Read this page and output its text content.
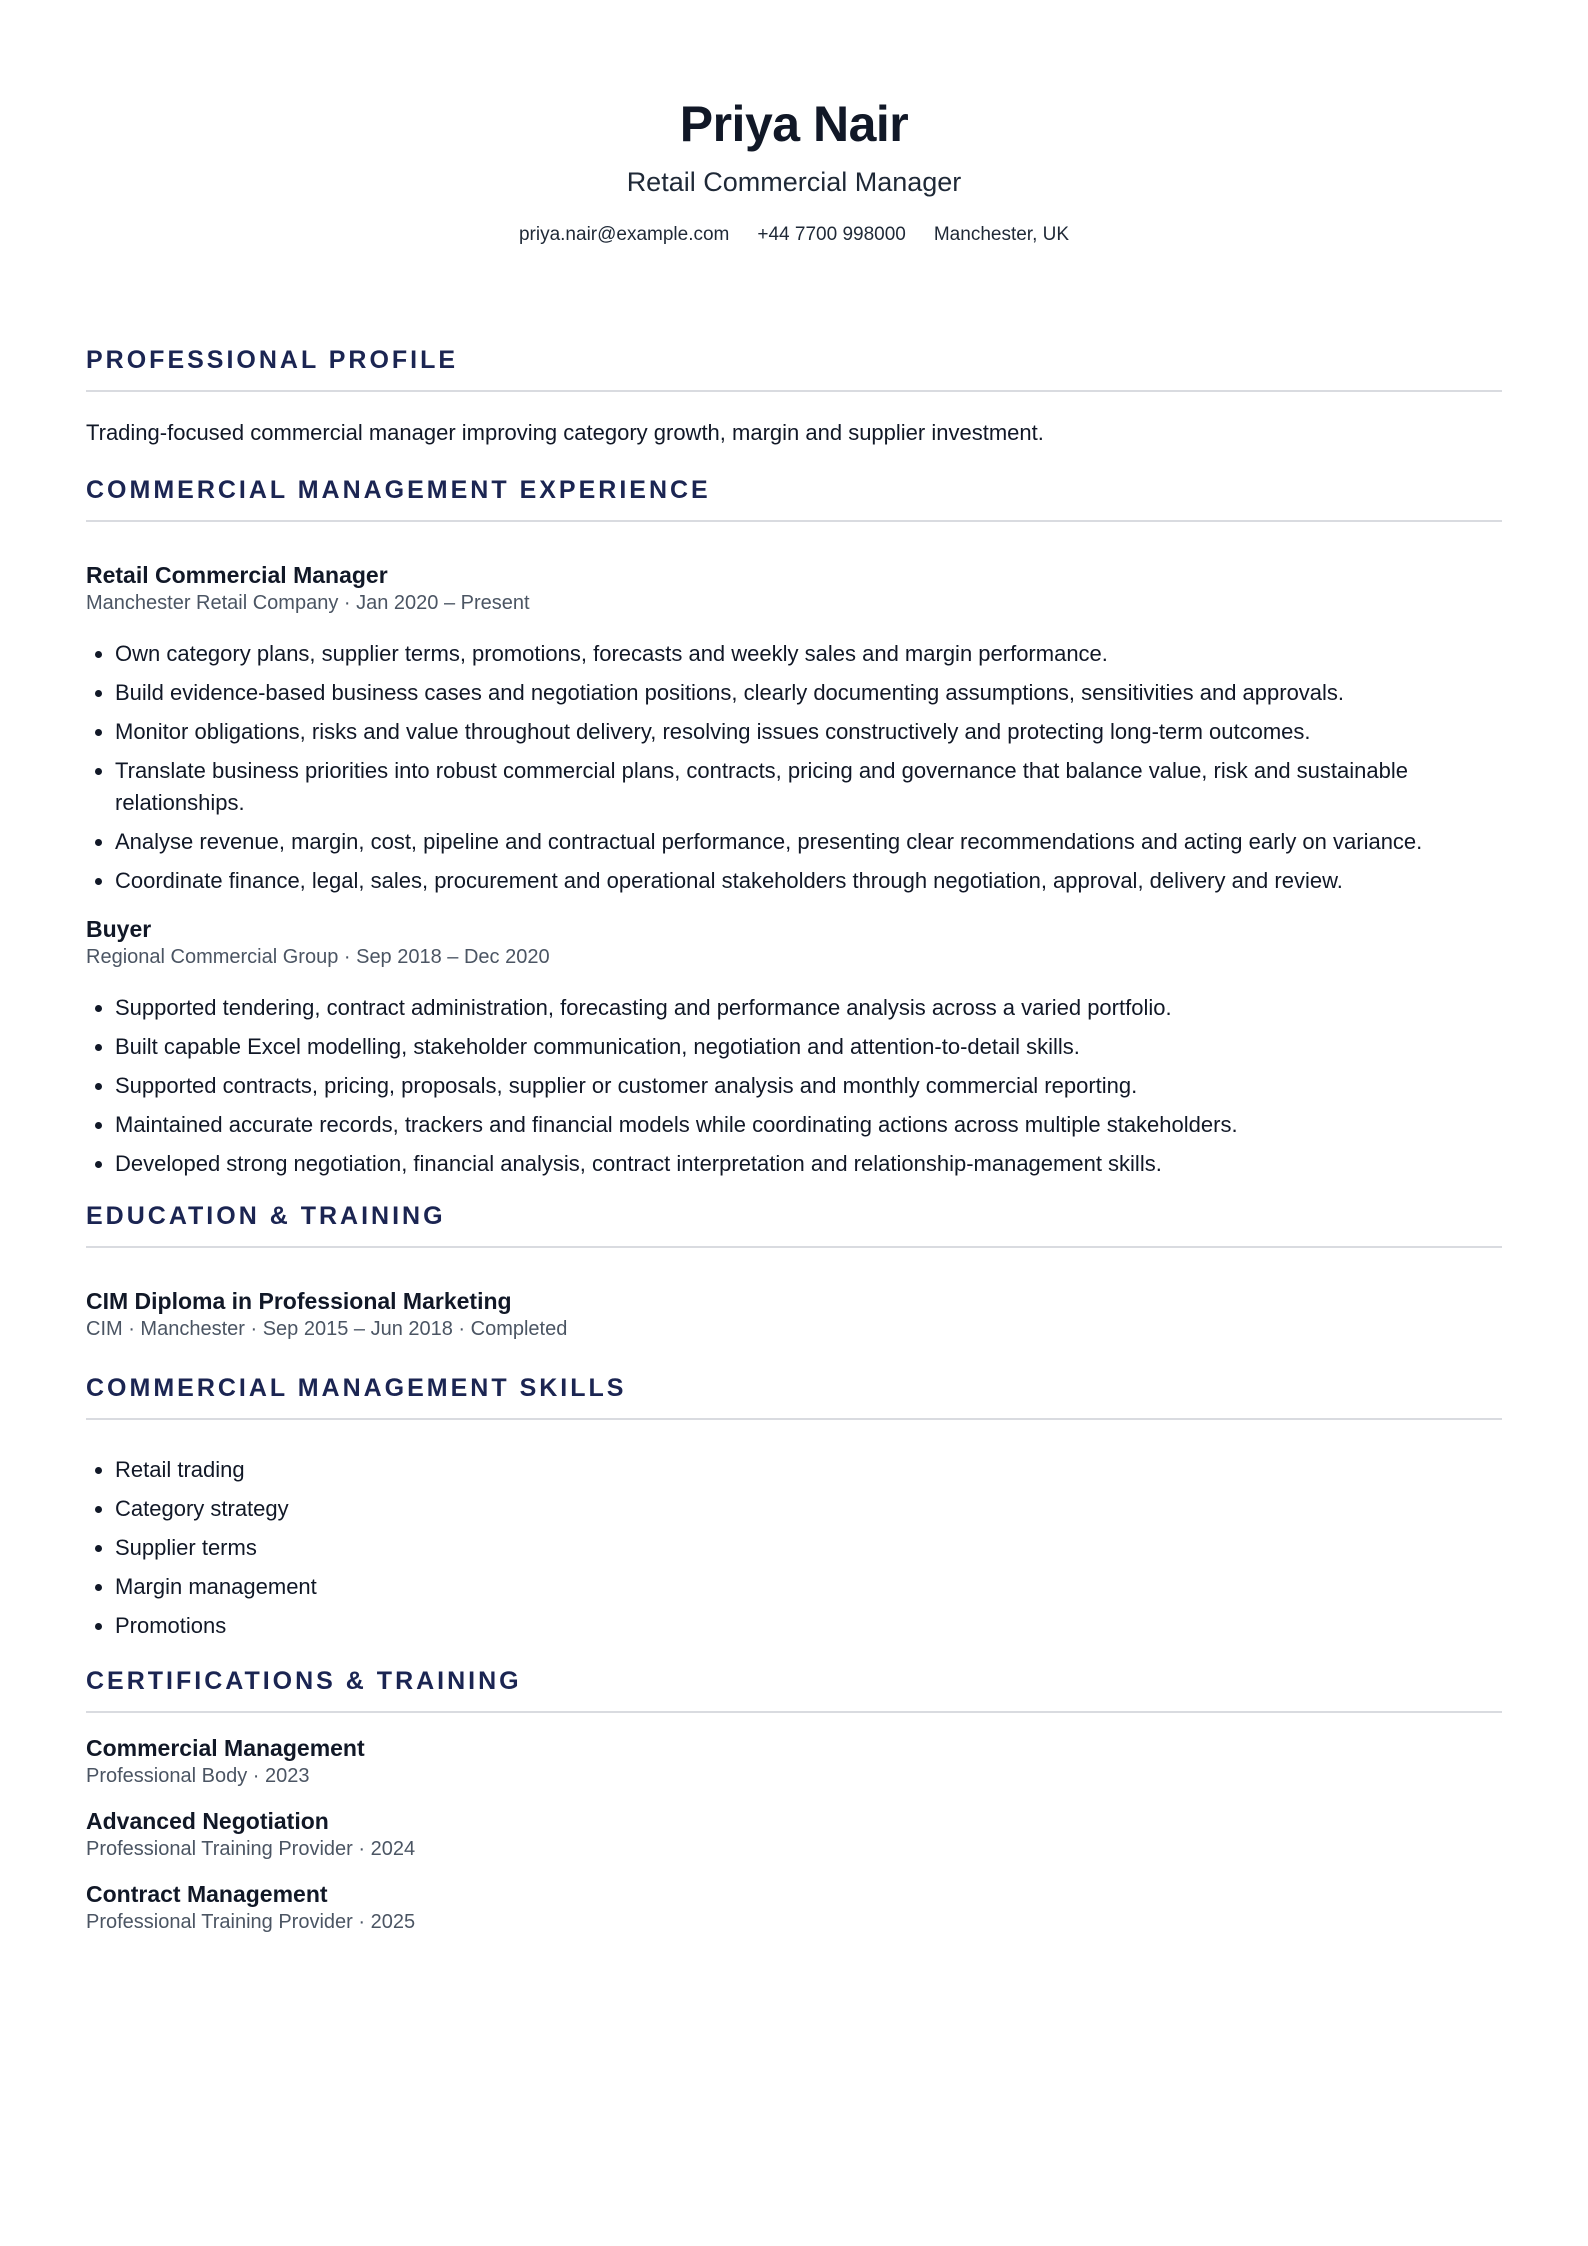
Priya Nair
Retail Commercial Manager
priya.nair@example.com +44 7700 998000 Manchester, UK
PROFESSIONAL PROFILE

Trading-focused commercial manager improving category growth, margin and supplier investment.

COMMERCIAL MANAGEMENT EXPERIENCE
Retail Commercial Manager
Manchester Retail Company · Jan 2020 – Present
• Own category plans, supplier terms, promotions, forecasts and weekly sales and margin performance.
• Build evidence-based business cases and negotiation positions, clearly documenting assumptions, sensitivities and approvals.
• Monitor obligations, risks and value throughout delivery, resolving issues constructively and protecting long-term outcomes.
• Translate business priorities into robust commercial plans, contracts, pricing and governance that balance value, risk and sustainable relationships.
• Analyse revenue, margin, cost, pipeline and contractual performance, presenting clear recommendations and acting early on variance.
• Coordinate finance, legal, sales, procurement and operational stakeholders through negotiation, approval, delivery and review.
Buyer
Regional Commercial Group · Sep 2018 – Dec 2020
• Supported tendering, contract administration, forecasting and performance analysis across a varied portfolio.
• Built capable Excel modelling, stakeholder communication, negotiation and attention-to-detail skills.
• Supported contracts, pricing, proposals, supplier or customer analysis and monthly commercial reporting.
• Maintained accurate records, trackers and financial models while coordinating actions across multiple stakeholders.
• Developed strong negotiation, financial analysis, contract interpretation and relationship-management skills.
EDUCATION & TRAINING
CIM Diploma in Professional Marketing
CIM · Manchester · Sep 2015 – Jun 2018 · Completed
COMMERCIAL MANAGEMENT SKILLS
• Retail trading
• Category strategy
• Supplier terms
• Margin management
• Promotions
CERTIFICATIONS & TRAINING
Commercial Management
Professional Body · 2023
Advanced Negotiation
Professional Training Provider · 2024
Contract Management
Professional Training Provider · 2025
